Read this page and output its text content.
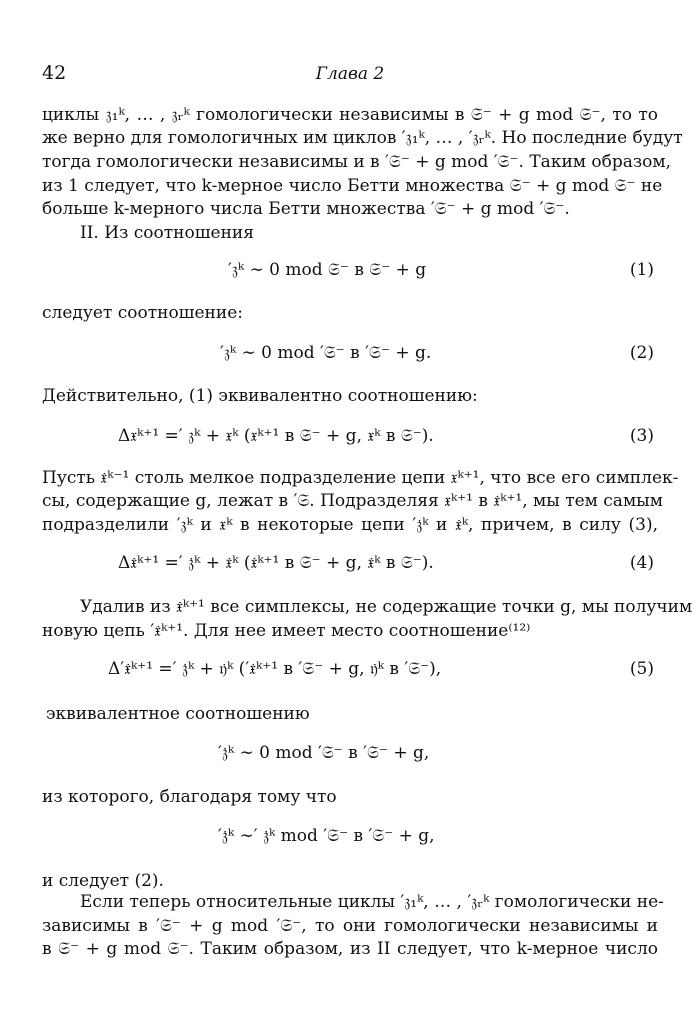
42	Глава 2
циклы 𝔷₁ᵏ, … , 𝔷ᵣᵏ гомологически независимы в 𝔖⁻ + g mod 𝔖⁻, то то
же верно для гомологичных им циклов ′𝔷₁ᵏ, … , ′𝔷ᵣᵏ. Но последние будут
тогда гомологически независимы и в ′𝔖⁻ + g mod ′𝔖⁻. Таким образом,
из 1 следует, что k-мерное число Бетти множества 𝔖⁻ + g mod 𝔖⁻ не
больше k-мерного числа Бетти множества ′𝔖⁻ + g mod ′𝔖⁻.
II. Из соотношения
′𝔷ᵏ ∼ 0 mod 𝔖⁻ в 𝔖⁻ + g	(1)
следует соотношение:
′𝔷ᵏ ∼ 0 mod ′𝔖⁻ в ′𝔖⁻ + g.	(2)
Действительно, (1) эквивалентно соотношению:
Δ𝔵ᵏ⁺¹ =′ 𝔷ᵏ + 𝔵ᵏ (𝔵ᵏ⁺¹ в 𝔖⁻ + g, 𝔵ᵏ в 𝔖⁻).	(3)
Пусть 𝔵̇ᵏ⁻¹ столь мелкое подразделение цепи 𝔵ᵏ⁺¹, что все его симплек-
сы, содержащие g, лежат в ′𝔖. Подразделяя 𝔵ᵏ⁺¹ в 𝔵̇ᵏ⁺¹, мы тем самым
подразделили ′𝔷ᵏ и 𝔵ᵏ в некоторые цепи ′𝔷̇ᵏ и 𝔵̇ᵏ, причем, в силу (3),
Δ𝔵̇ᵏ⁺¹ =′ 𝔷̇ᵏ + 𝔵̇ᵏ (𝔵̇ᵏ⁺¹ в 𝔖⁻ + g, 𝔵̇ᵏ в 𝔖⁻).	(4)
Удалив из 𝔵̇ᵏ⁺¹ все симплексы, не содержащие точки g, мы получим
новую цепь ′𝔵̇ᵏ⁺¹. Для нее имеет место соотношение⁽¹²⁾
Δ′𝔵̇ᵏ⁺¹ =′ 𝔷̇ᵏ + 𝔶̇ᵏ (′𝔵̇ᵏ⁺¹ в ′𝔖⁻ + g, 𝔶̇ᵏ в ′𝔖⁻),	(5)
эквивалентное соотношению
′𝔷̇ᵏ ∼ 0 mod ′𝔖⁻ в ′𝔖⁻ + g,
из которого, благодаря тому что
′𝔷̇ᵏ ∼′ 𝔷̇ᵏ mod ′𝔖⁻ в ′𝔖⁻ + g,
и следует (2).
Если теперь относительные циклы ′𝔷₁ᵏ, … , ′𝔷ᵣᵏ гомологически не-
зависимы в ′𝔖⁻ + g mod ′𝔖⁻, то они гомологически независимы и
в 𝔖⁻ + g mod 𝔖⁻. Таким образом, из II следует, что k-мерное число
